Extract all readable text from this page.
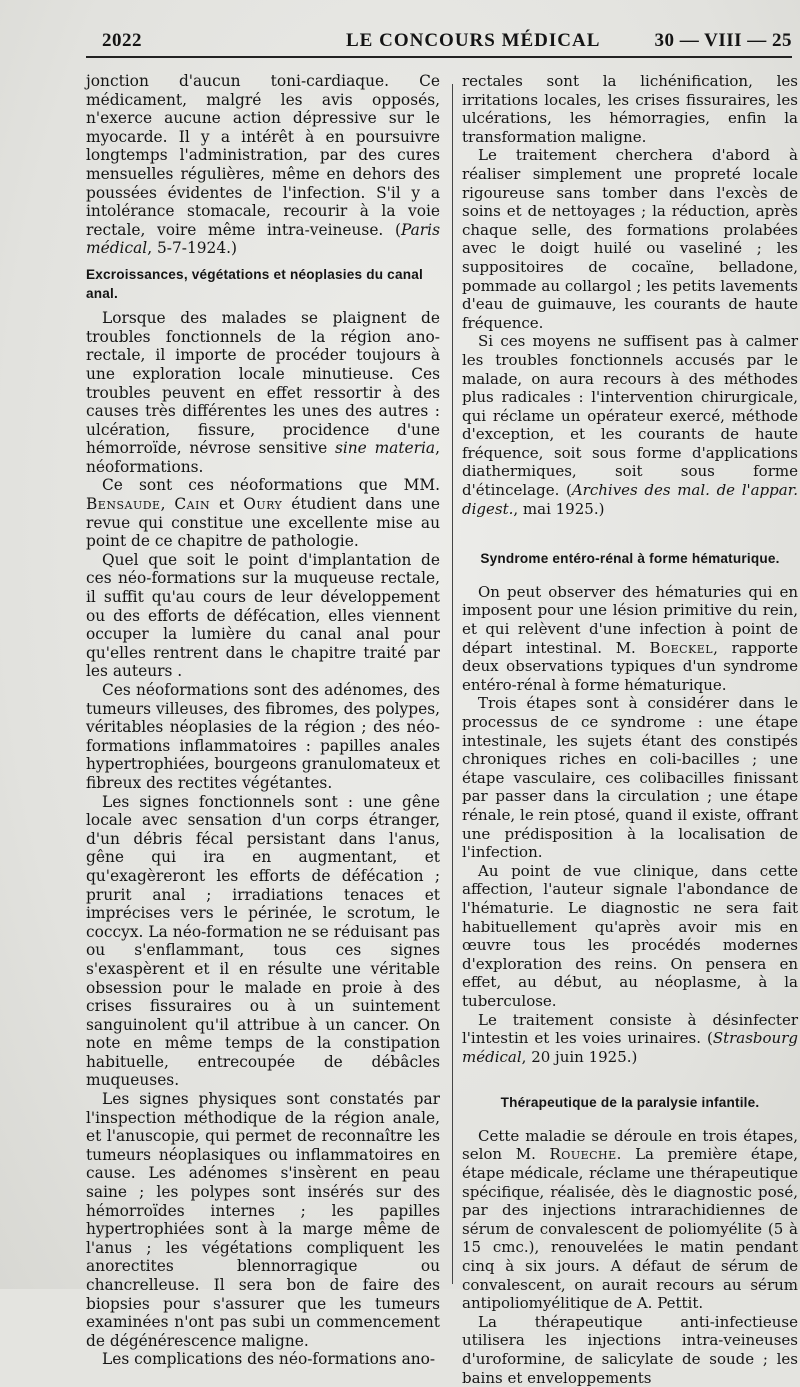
2022	LE CONCOURS MÉDICAL	30 — VIII — 25

jonction d'aucun toni-cardiaque. Ce médicament, malgré les avis opposés, n'exerce aucune action dépressive sur le myocarde. Il y a intérêt à en poursuivre longtemps l'administration, par des cures mensuelles régulières, même en dehors des poussées évidentes de l'infection. S'il y a intolérance stomacale, recourir à la voie rectale, voire même intra-veineuse. (Paris médical, 5-7-1924.)

Excroissances, végétations et néoplasies du canal anal.

Lorsque des malades se plaignent de troubles fonctionnels de la région ano-rectale, il importe de procéder toujours à une exploration locale minutieuse. Ces troubles peuvent en effet ressortir à des causes très différentes les unes des autres : ulcération, fissure, procidence d'une hémorroïde, névrose sensitive sine materia, néoformations.

Ce sont ces néoformations que MM. Bensaude, Cain et Oury étudient dans une revue qui constitue une excellente mise au point de ce chapitre de pathologie.

Quel que soit le point d'implantation de ces néo-formations sur la muqueuse rectale, il suffit qu'au cours de leur développement ou des efforts de défécation, elles viennent occuper la lumière du canal anal pour qu'elles rentrent dans le chapitre traité par les auteurs .

Ces néoformations sont des adénomes, des tumeurs villeuses, des fibromes, des polypes, véritables néoplasies de la région ; des néo-formations inflammatoires : papilles anales hypertrophiées, bourgeons granulomateux et fibreux des rectites végétantes.

Les signes fonctionnels sont : une gêne locale avec sensation d'un corps étranger, d'un débris fécal persistant dans l'anus, gêne qui ira en augmentant, et qu'exagèreront les efforts de défécation ; prurit anal ; irradiations tenaces et imprécises vers le périnée, le scrotum, le coccyx. La néo-formation ne se réduisant pas ou s'enflammant, tous ces signes s'exaspèrent et il en résulte une véritable obsession pour le malade en proie à des crises fissuraires ou à un suintement sanguinolent qu'il attribue à un cancer. On note en même temps de la constipation habituelle, entrecoupée de débâcles muqueuses.

Les signes physiques sont constatés par l'inspection méthodique de la région anale, et l'anuscopie, qui permet de reconnaître les tumeurs néoplasiques ou inflammatoires en cause. Les adénomes s'insèrent en peau saine ; les polypes sont insérés sur des hémorroïdes internes ; les papilles hypertrophiées sont à la marge même de l'anus ; les végétations compliquent les anorectites blennorragique ou chancrelleuse. Il sera bon de faire des biopsies pour s'assurer que les tumeurs examinées n'ont pas subi un commencement de dégénérescence maligne.

Les complications des néo-formations ano-

rectales sont la lichénification, les irritations locales, les crises fissuraires, les ulcérations, les hémorragies, enfin la transformation maligne.

Le traitement cherchera d'abord à réaliser simplement une propreté locale rigoureuse sans tomber dans l'excès de soins et de nettoyages ; la réduction, après chaque selle, des formations prolabées avec le doigt huilé ou vaseliné ; les suppositoires de cocaïne, belladone, pommade au collargol ; les petits lavements d'eau de guimauve, les courants de haute fréquence.

Si ces moyens ne suffisent pas à calmer les troubles fonctionnels accusés par le malade, on aura recours à des méthodes plus radicales : l'intervention chirurgicale, qui réclame un opérateur exercé, méthode d'exception, et les courants de haute fréquence, soit sous forme d'applications diathermiques, soit sous forme d'étincelage. (Archives des mal. de l'appar. digest., mai 1925.)

Syndrome entéro-rénal à forme hématurique.

On peut observer des hématuries qui en imposent pour une lésion primitive du rein, et qui relèvent d'une infection à point de départ intestinal. M. Boeckel, rapporte deux observations typiques d'un syndrome entéro-rénal à forme hématurique.

Trois étapes sont à considérer dans le processus de ce syndrome : une étape intestinale, les sujets étant des constipés chroniques riches en coli-bacilles ; une étape vasculaire, ces colibacilles finissant par passer dans la circulation ; une étape rénale, le rein ptosé, quand il existe, offrant une prédisposition à la localisation de l'infection.

Au point de vue clinique, dans cette affection, l'auteur signale l'abondance de l'hématurie. Le diagnostic ne sera fait habituellement qu'après avoir mis en œuvre tous les procédés modernes d'exploration des reins. On pensera en effet, au début, au néoplasme, à la tuberculose.

Le traitement consiste à désinfecter l'intestin et les voies urinaires. (Strasbourg médical, 20 juin 1925.)

Thérapeutique de la paralysie infantile.

Cette maladie se déroule en trois étapes, selon M. Roueche. La première étape, étape médicale, réclame une thérapeutique spécifique, réalisée, dès le diagnostic posé, par des injections intrarachidiennes de sérum de convalescent de poliomyélite (5 à 15 cmc.), renouvelées le matin pendant cinq à six jours. A défaut de sérum de convalescent, on aurait recours au sérum antipoliomyélitique de A. Pettit.

La thérapeutique anti-infectieuse utilisera les injections intra-veineuses d'uroformine, de salicylate de soude ; les bains et enveloppements
